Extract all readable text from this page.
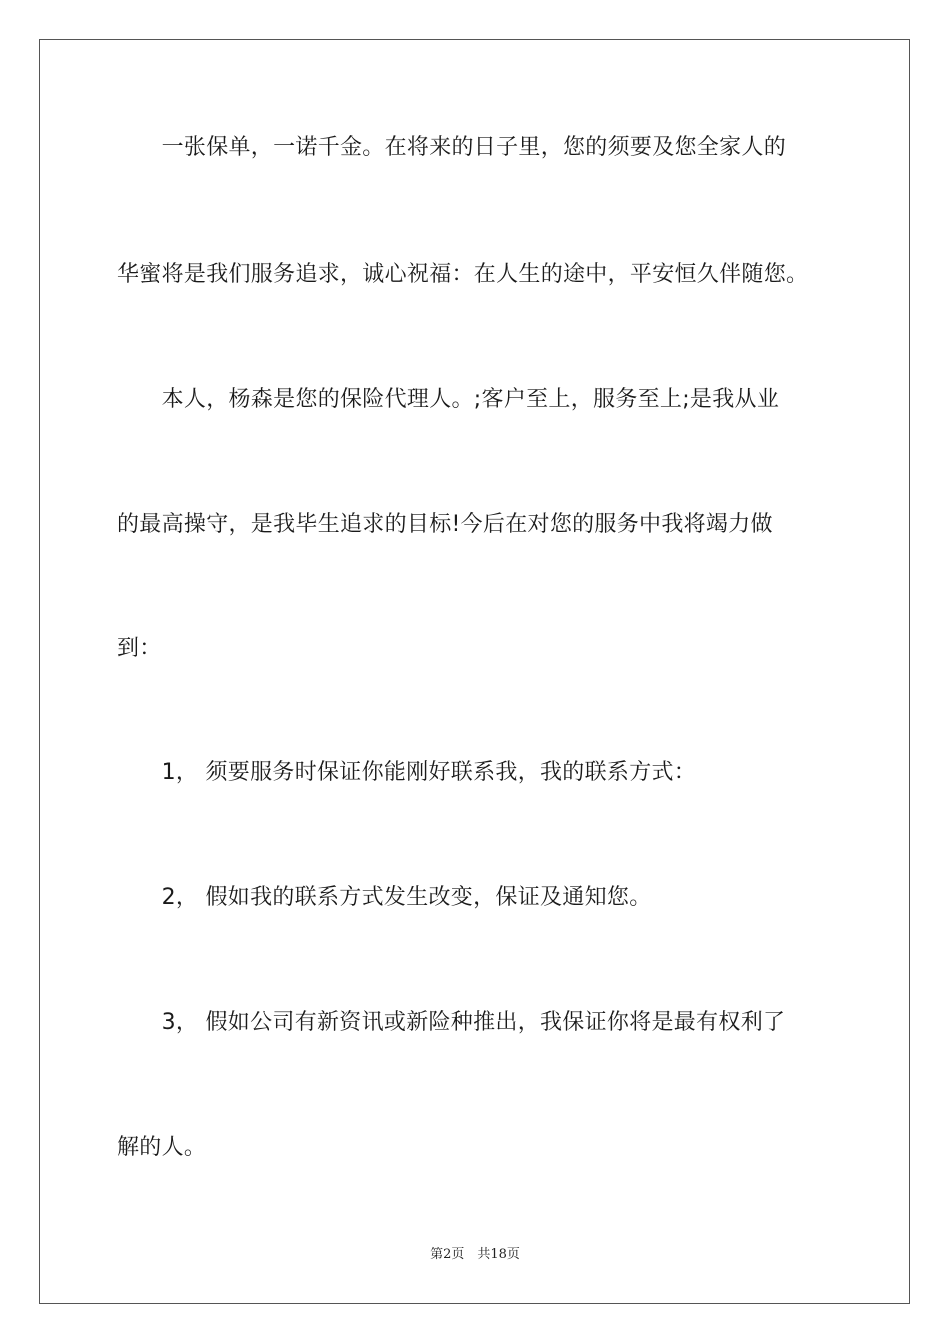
　　一张保单，一诺千金。在将来的日子里，您的须要及您全家人的
华蜜将是我们服务追求，诚心祝福：在人生的途中，平安恒久伴随您。
　　本人，杨森是您的保险代理人。;客户至上，服务至上;是我从业
的最高操守，是我毕生追求的目标!今后在对您的服务中我将竭力做
到：
　　1， 须要服务时保证你能刚好联系我，我的联系方式：
　　2， 假如我的联系方式发生改变，保证及通知您。
　　3， 假如公司有新资讯或新险种推出，我保证你将是最有权利了
解的人。
第2页　共18页
